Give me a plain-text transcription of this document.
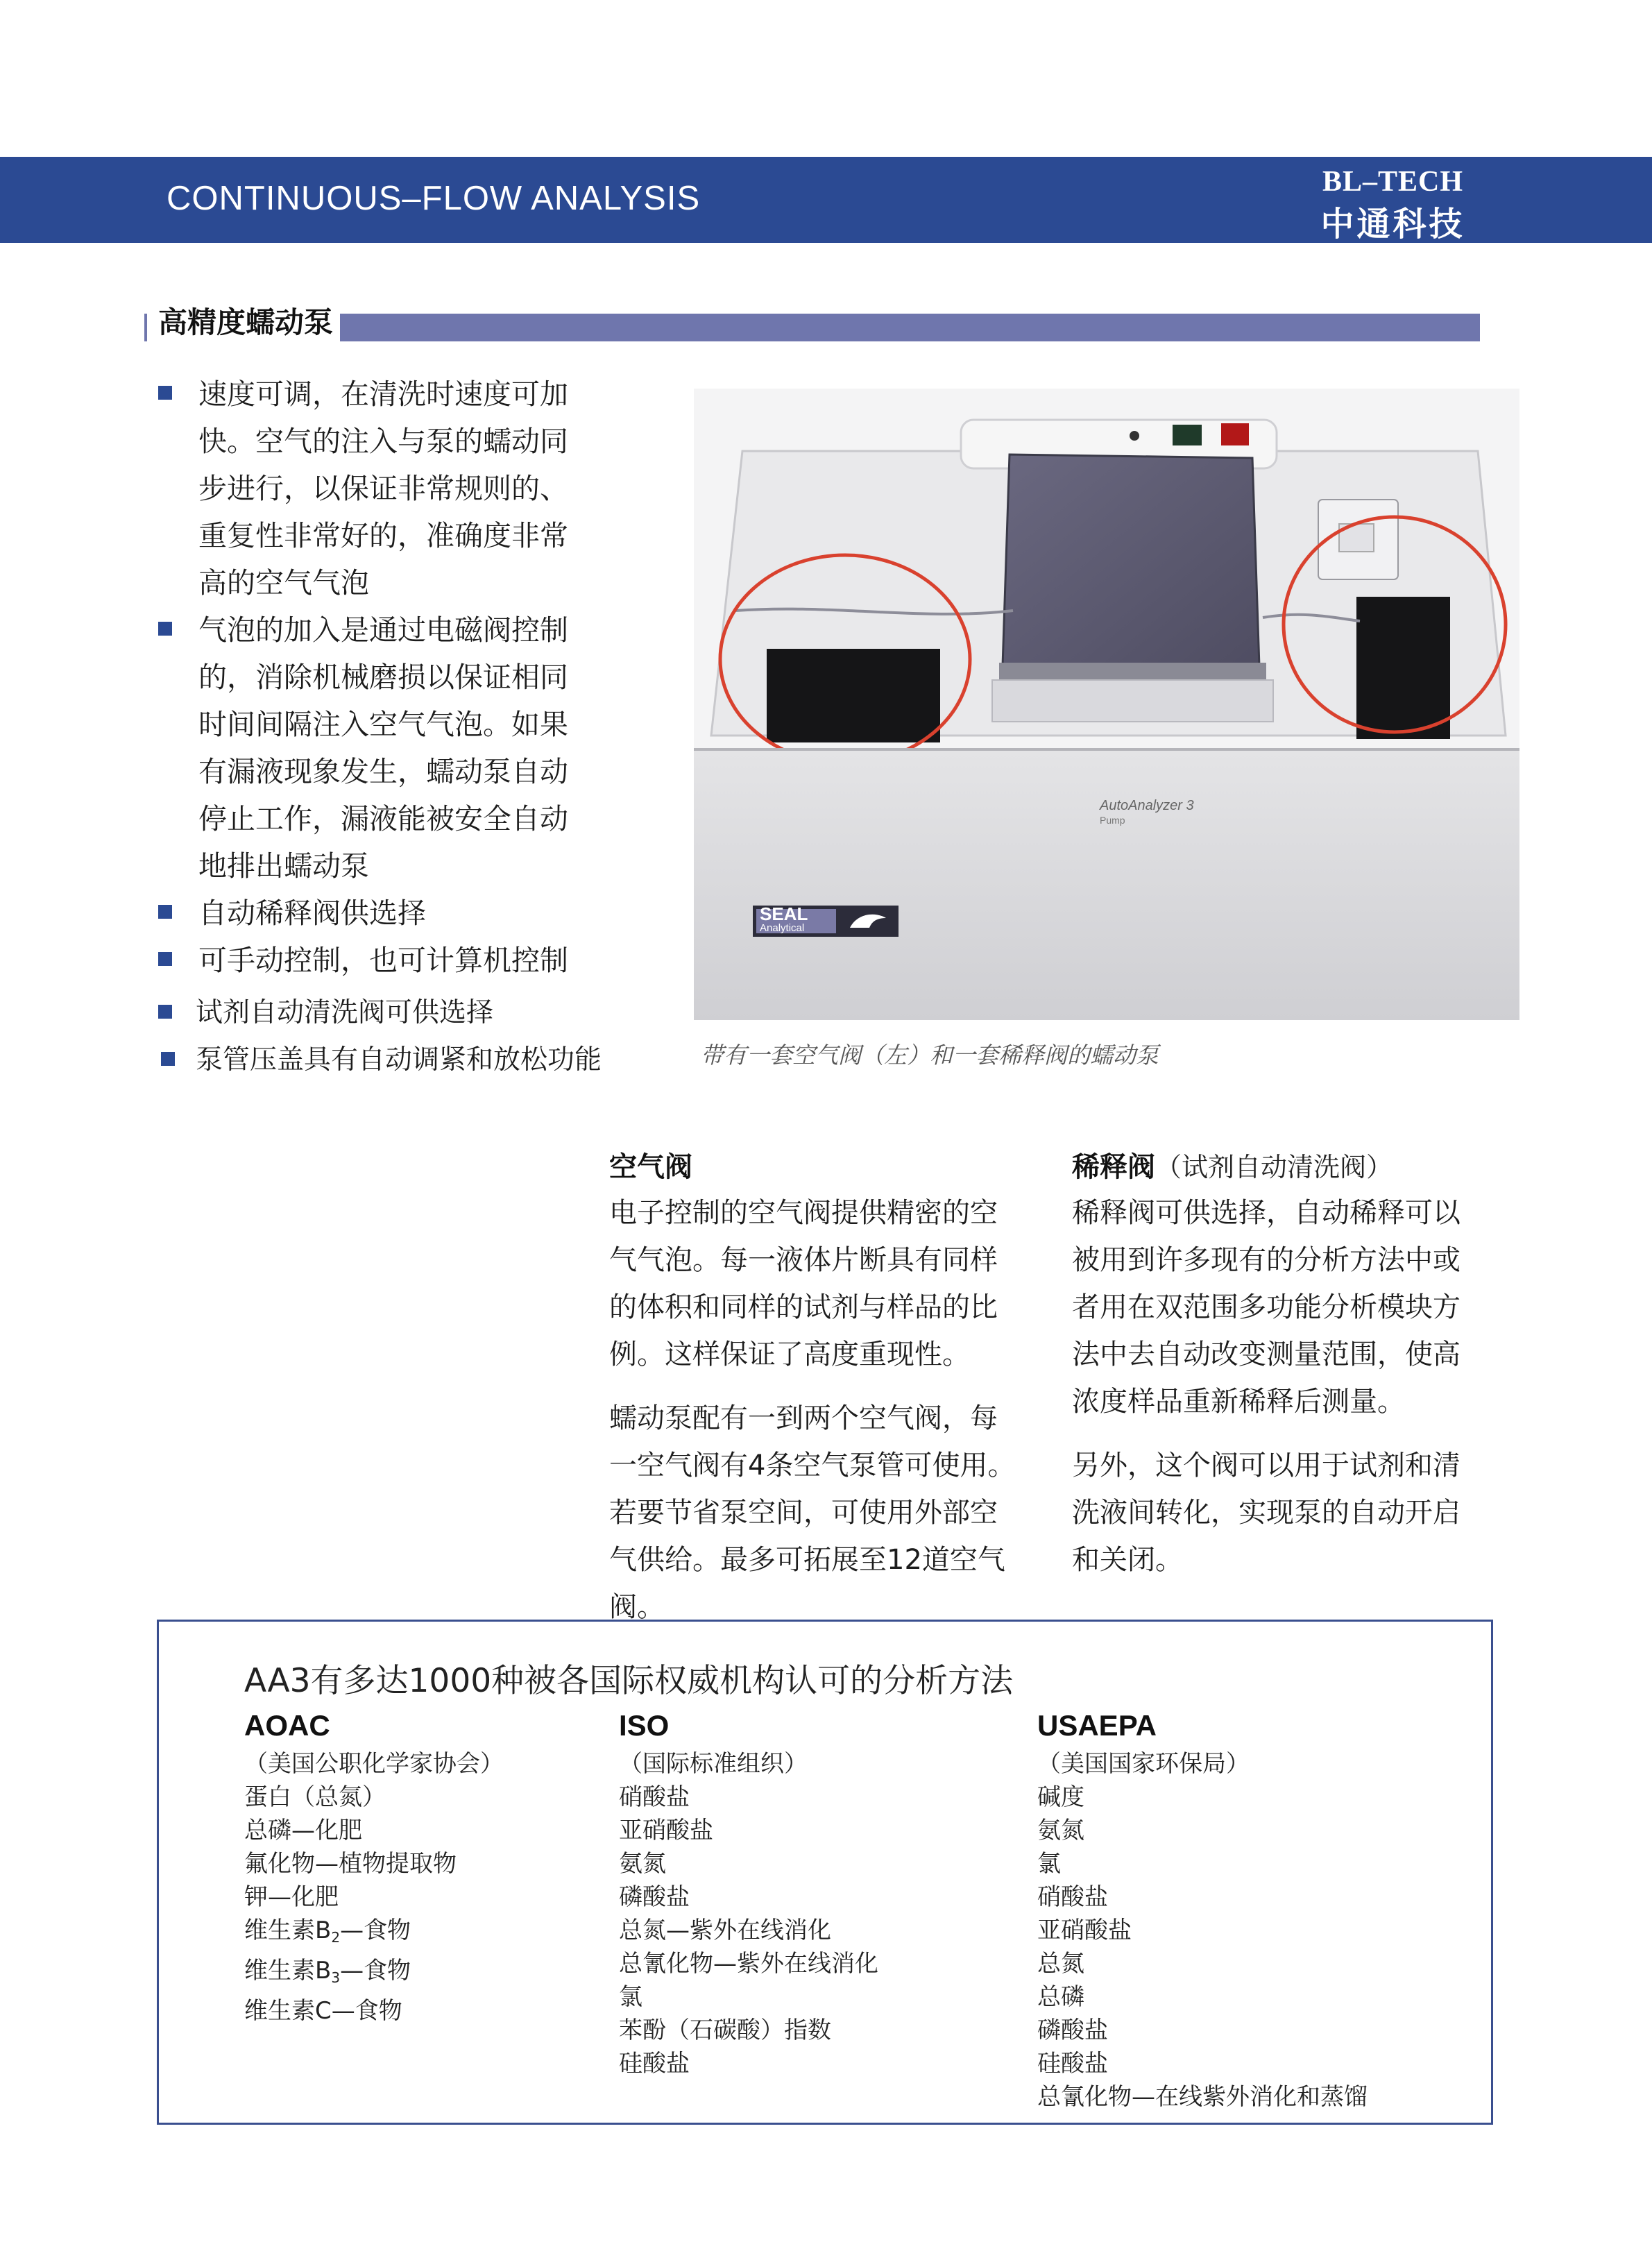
CONTINUOUS–FLOW ANALYSIS	BL–TECH
中通科技
高精度蠕动泵
速度可调，在清洗时速度可加
快。空气的注入与泵的蠕动同
步进行，以保证非常规则的、
重复性非常好的，准确度非常
高的空气气泡
气泡的加入是通过电磁阀控制
的，消除机械磨损以保证相同
时间间隔注入空气气泡。如果
有漏液现象发生，蠕动泵自动
停止工作，漏液能被安全自动
地排出蠕动泵
自动稀释阀供选择
可手动控制，也可计算机控制
试剂自动清洗阀可供选择
泵管压盖具有自动调紧和放松功能
AutoAnalyzer 3
Pump
SEAL
Analytical
带有一套空气阀（左）和一套稀释阀的蠕动泵
空气阀
电子控制的空气阀提供精密的空
气气泡。每一液体片断具有同样
的体积和同样的试剂与样品的比
例。这样保证了高度重现性。
蠕动泵配有一到两个空气阀，每
一空气阀有4条空气泵管可使用。
若要节省泵空间，可使用外部空
气供给。最多可拓展至12道空气阀。
稀释阀（试剂自动清洗阀）
稀释阀可供选择，自动稀释可以
被用到许多现有的分析方法中或
者用在双范围多功能分析模块方
法中去自动改变测量范围，使高
浓度样品重新稀释后测量。
另外，这个阀可以用于试剂和清
洗液间转化，实现泵的自动开启
和关闭。
AA3有多达1000种被各国际权威机构认可的分析方法
AOAC
（美国公职化学家协会）
蛋白（总氮）
总磷—化肥
氟化物—植物提取物
钾—化肥
维生素$B_2—$食物
维生素$B_3—$食物
维生素C—食物
ISO
（国际标准组织）
硝酸盐
亚硝酸盐
氨氮
磷酸盐
总氮—紫外在线消化
总氰化物—紫外在线消化
氯
苯酚（石碳酸）指数
硅酸盐
USAEPA
（美国国家环保局）
碱度
氨氮
氯
硝酸盐
亚硝酸盐
总氮
总磷
磷酸盐
硅酸盐
总氰化物—在线紫外消化和蒸馏
